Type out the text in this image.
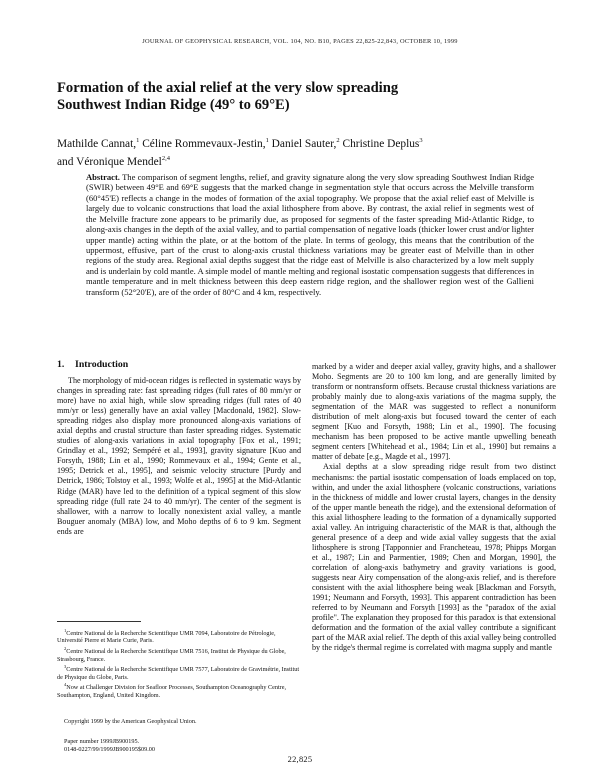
JOURNAL OF GEOPHYSICAL RESEARCH, VOL. 104, NO. B10, PAGES 22,825-22,843, OCTOBER 10, 1999
Formation of the axial relief at the very slow spreading
Southwest Indian Ridge (49° to 69°E)
Mathilde Cannat,$^1$ Céline Rommevaux-Jestin,$^1$ Daniel Sauter,$^2$ Christine Deplus$^3$
and Véronique Mendel$^{2,4}$
Abstract. The comparison of segment lengths, relief, and gravity signature along the very slow spreading Southwest Indian Ridge (SWIR) between 49°E and 69°E suggests that the marked change in segmentation style that occurs across the Melville transform (60°45'E) reflects a change in the modes of formation of the axial topography. We propose that the axial relief east of Melville is largely due to volcanic constructions that load the axial lithosphere from above. By contrast, the axial relief in segments west of the Melville fracture zone appears to be primarily due, as proposed for segments of the faster spreading Mid-Atlantic Ridge, to along-axis changes in the depth of the axial valley, and to partial compensation of negative loads (thicker lower crust and/or lighter upper mantle) acting within the plate, or at the bottom of the plate. In terms of geology, this means that the contribution of the uppermost, effusive, part of the crust to along-axis crustal thickness variations may be greater east of Melville than in other regions of the study area. Regional axial depths suggest that the ridge east of Melville is also characterized by a low melt supply and is underlain by cold mantle. A simple model of mantle melting and regional isostatic compensation suggests that differences in mantle temperature and in melt thickness between this deep eastern ridge region, and the shallower region west of the Gallieni transform (52°20'E), are of the order of 80°C and 4 km, respectively.
1. Introduction

The morphology of mid-ocean ridges is reflected in systematic ways by changes in spreading rate: fast spreading ridges (full rates of 80 mm/yr or more) have no axial high, while slow spreading ridges (full rates of 40 mm/yr or less) generally have an axial valley [Macdonald, 1982]. Slow-spreading ridges also display more pronounced along-axis variations of axial depths and crustal structure than faster spreading ridges. Systematic studies of along-axis variations in axial topography [Fox et al., 1991; Grindlay et al., 1992; Sempéré et al., 1993], gravity signature [Kuo and Forsyth, 1988; Lin et al., 1990; Rommevaux et al., 1994; Gente et al., 1995; Detrick et al., 1995], and seismic velocity structure [Purdy and Detrick, 1986; Tolstoy et al., 1993; Wolfe et al., 1995] at the Mid-Atlantic Ridge (MAR) have led to the definition of a typical segment of this slow spreading ridge (full rate 24 to 40 mm/yr). The center of the segment is shallower, with a narrow to locally nonexistent axial valley, a mantle Bouguer anomaly (MBA) low, and Moho depths of 6 to 9 km. Segment ends are

marked by a wider and deeper axial valley, gravity highs, and a shallower Moho. Segments are 20 to 100 km long, and are generally limited by transform or nontransform offsets. Because crustal thickness variations are probably mainly due to along-axis variations of the magma supply, the segmentation of the MAR was suggested to reflect a nonuniform distribution of melt along-axis but focused toward the center of each segment [Kuo and Forsyth, 1988; Lin et al., 1990]. The focusing mechanism has been proposed to be active mantle upwelling beneath segment centers [Whitehead et al., 1984; Lin et al., 1990] but remains a matter of debate [e.g., Magde et al., 1997].

Axial depths at a slow spreading ridge result from two distinct mechanisms: the partial isostatic compensation of loads emplaced on top, within, and under the axial lithosphere (volcanic constructions, variations in the thickness of middle and lower crustal layers, changes in the density of the upper mantle beneath the ridge), and the extensional deformation of this axial lithosphere leading to the formation of a dynamically supported axial valley. An intriguing characteristic of the MAR is that, although the general presence of a deep and wide axial valley suggests that the axial lithosphere is strong [Tapponnier and Francheteau, 1978; Phipps Morgan et al., 1987; Lin and Parmentier, 1989; Chen and Morgan, 1990], the correlation of along-axis bathymetry and gravity variations is good, suggests near Airy compensation of the along-axis relief, and is therefore consistent with the axial lithosphere being weak [Blackman and Forsyth, 1991; Neumann and Forsyth, 1993]. This apparent contradiction has been referred to by Neumann and Forsyth [1993] as the "paradox of the axial profile". The explanation they proposed for this paradox is that extensional deformation and the formation of the axial valley contribute a significant part of the MAR axial relief. The depth of this axial valley being controlled by the ridge's thermal regime is correlated with magma supply and mantle

$^1$Centre National de la Recherche Scientifique UMR 7094, Laboratoire de Pétrologie, Université Pierre et Marie Curie, Paris.

$^2$Centre National de la Recherche Scientifique UMR 7516, Institut de Physique du Globe, Strasbourg, France.

$^3$Centre National de la Recherche Scientifique UMR 7577, Laboratoire de Gravimétrie, Institut de Physique du Globe, Paris.

$^4$Now at Challenger Division for Seafloor Processes, Southampton Oceanography Centre, Southampton, England, United Kingdom.

Copyright 1999 by the American Geophysical Union.
Paper number 1999JB900195.
0148-0227/99/1999JB900195$09.00
22,825
